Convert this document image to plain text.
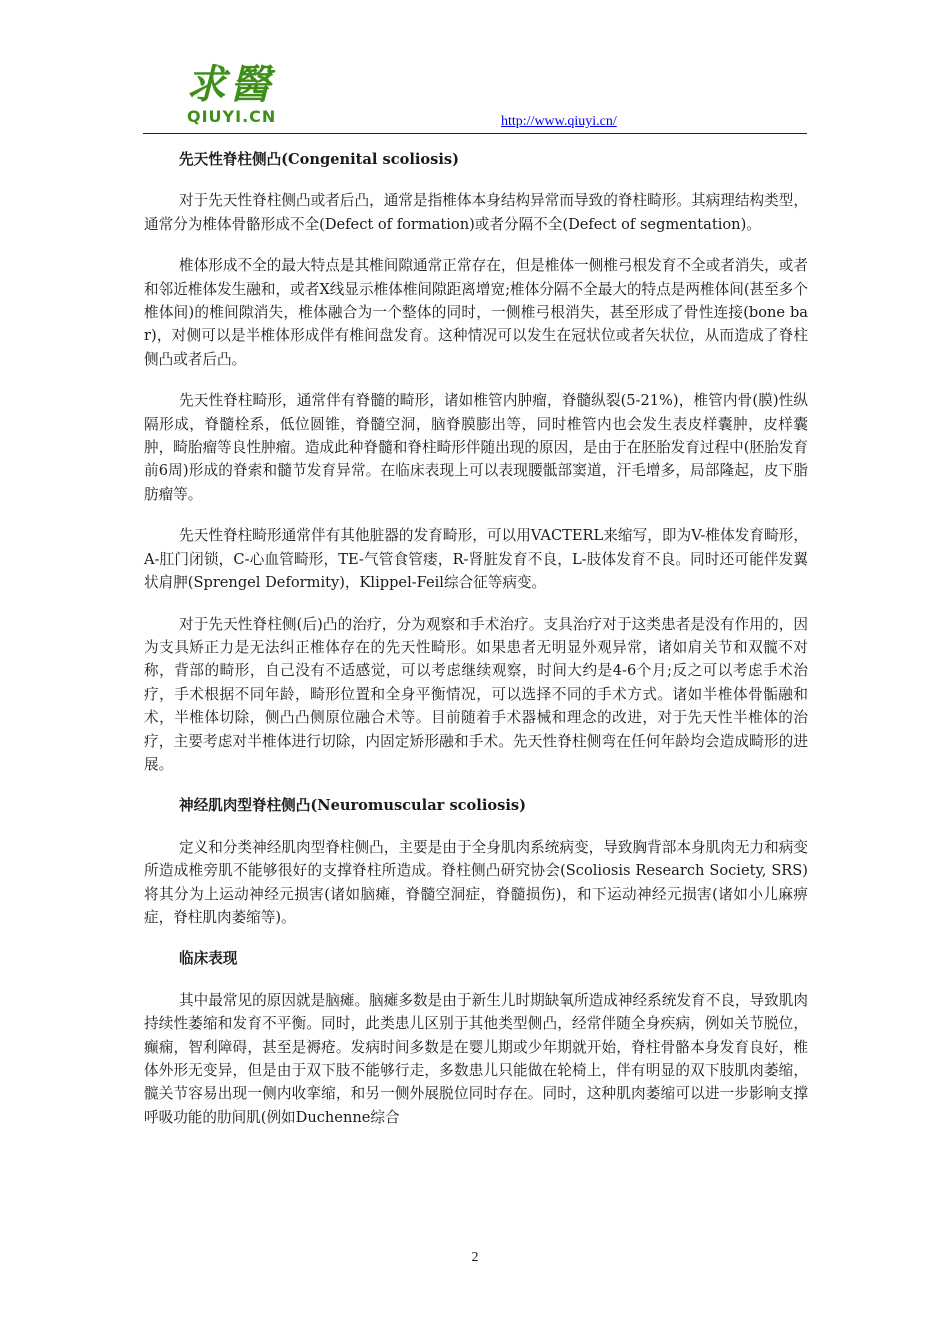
求醫
QIUYI.CN	http://www.qiuyi.cn/
先天性脊柱侧凸(Congenital scoliosis)

对于先天性脊柱侧凸或者后凸，通常是指椎体本身结构异常而导致的脊柱畸形。其病理结构类型，通常分为椎体骨骼形成不全(Defect of formation)或者分隔不全(Defect of segmentation)。

椎体形成不全的最大特点是其椎间隙通常正常存在，但是椎体一侧椎弓根发育不全或者消失，或者和邻近椎体发生融和，或者X线显示椎体椎间隙距离增宽;椎体分隔不全最大的特点是两椎体间(甚至多个椎体间)的椎间隙消失，椎体融合为一个整体的同时，一侧椎弓根消失，甚至形成了骨性连接(bone bar)，对侧可以是半椎体形成伴有椎间盘发育。这种情况可以发生在冠状位或者矢状位，从而造成了脊柱侧凸或者后凸。

先天性脊柱畸形，通常伴有脊髓的畸形，诸如椎管内肿瘤，脊髓纵裂(5-21%)，椎管内骨(膜)性纵隔形成，脊髓栓系，低位圆锥，脊髓空洞，脑脊膜膨出等，同时椎管内也会发生表皮样囊肿，皮样囊肿，畸胎瘤等良性肿瘤。造成此种脊髓和脊柱畸形伴随出现的原因，是由于在胚胎发育过程中(胚胎发育前6周)形成的脊索和髓节发育异常。在临床表现上可以表现腰骶部窦道，汗毛增多，局部隆起，皮下脂肪瘤等。

先天性脊柱畸形通常伴有其他脏器的发育畸形，可以用VACTERL来缩写，即为V-椎体发育畸形，A-肛门闭锁，C-心血管畸形，TE-气管食管瘘，R-肾脏发育不良，L-肢体发育不良。同时还可能伴发翼状肩胛(Sprengel Deformity)，Klippel-Feil综合征等病变。

对于先天性脊柱侧(后)凸的治疗，分为观察和手术治疗。支具治疗对于这类患者是没有作用的，因为支具矫正力是无法纠正椎体存在的先天性畸形。如果患者无明显外观异常，诸如肩关节和双髋不对称，背部的畸形，自己没有不适感觉，可以考虑继续观察，时间大约是4-6个月;反之可以考虑手术治疗，手术根据不同年龄，畸形位置和全身平衡情况，可以选择不同的手术方式。诸如半椎体骨骺融和术，半椎体切除，侧凸凸侧原位融合术等。目前随着手术器械和理念的改进，对于先天性半椎体的治疗，主要考虑对半椎体进行切除，内固定矫形融和手术。先天性脊柱侧弯在任何年龄均会造成畸形的进展。

神经肌肉型脊柱侧凸(Neuromuscular scoliosis)

定义和分类神经肌肉型脊柱侧凸，主要是由于全身肌肉系统病变，导致胸背部本身肌肉无力和病变所造成椎旁肌不能够很好的支撑脊柱所造成。脊柱侧凸研究协会(Scoliosis Research Society, SRS)将其分为上运动神经元损害(诸如脑瘫，脊髓空洞症，脊髓损伤)，和下运动神经元损害(诸如小儿麻痹症，脊柱肌肉萎缩等)。

临床表现

其中最常见的原因就是脑瘫。脑瘫多数是由于新生儿时期缺氧所造成神经系统发育不良，导致肌肉持续性萎缩和发育不平衡。同时，此类患儿区别于其他类型侧凸，经常伴随全身疾病，例如关节脱位，癫痫，智利障碍，甚至是褥疮。发病时间多数是在婴儿期或少年期就开始，脊柱骨骼本身发育良好，椎体外形无变异，但是由于双下肢不能够行走，多数患儿只能做在轮椅上，伴有明显的双下肢肌肉萎缩，髋关节容易出现一侧内收挛缩，和另一侧外展脱位同时存在。同时，这种肌肉萎缩可以进一步影响支撑呼吸功能的肋间肌(例如Duchenne综合

2
